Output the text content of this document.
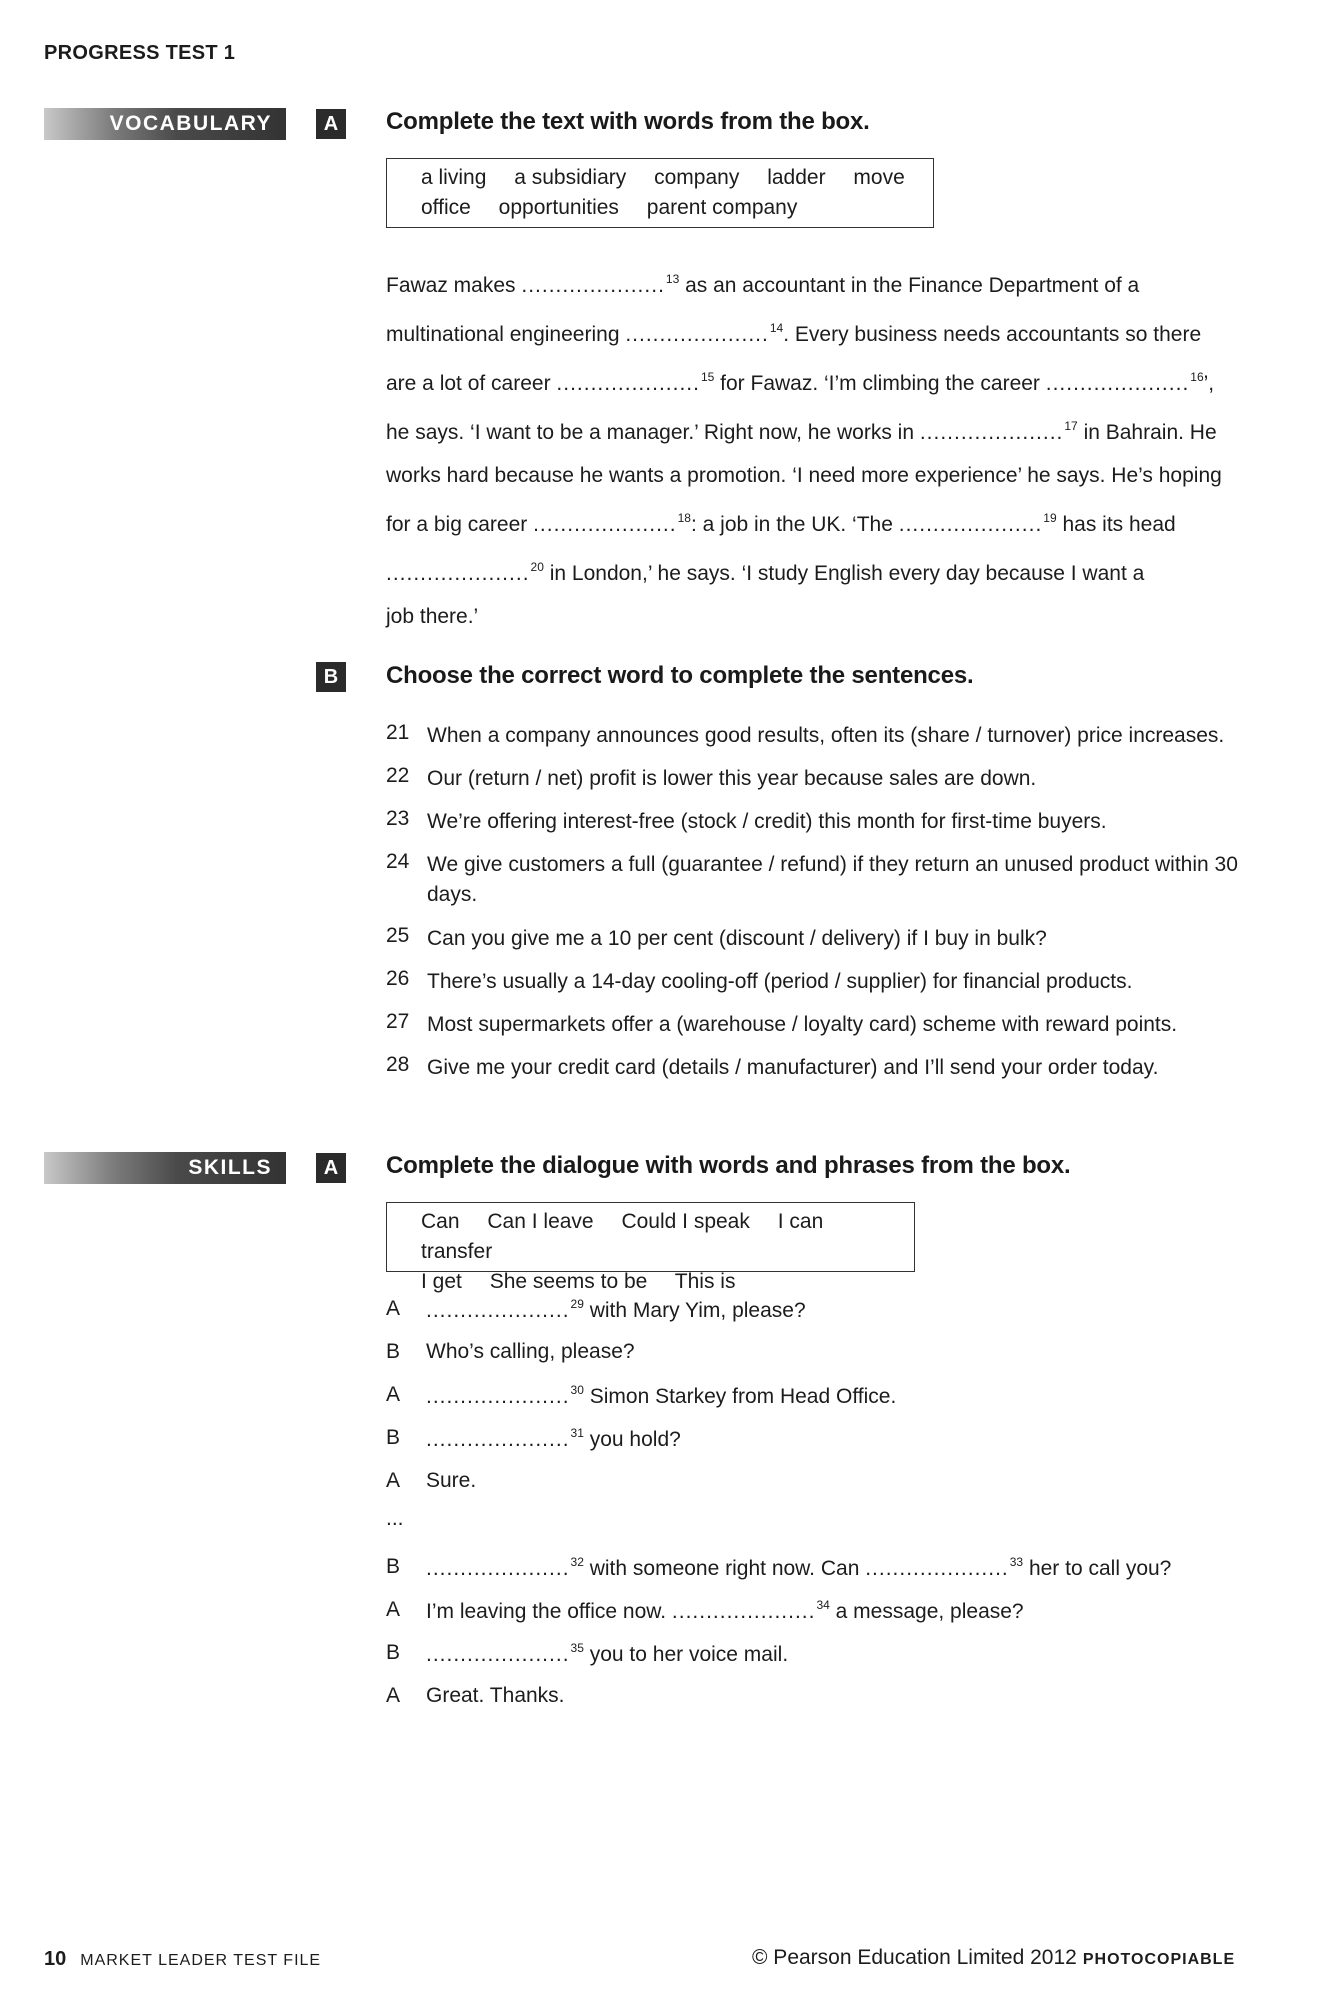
PROGRESS TEST 1
VOCABULARY	A	Complete the text with words from the box.
a living a subsidiary company ladder move
office opportunities parent company
Fawaz makes .....................$^{13}$ as an accountant in the Finance Department of a
multinational engineering .....................$^{14}$. Every business needs accountants so there
are a lot of career .....................$^{15}$ for Fawaz. ‘I’m climbing the career .....................$^{16}$’,
he says. ‘I want to be a manager.’ Right now, he works in .....................$^{17}$ in Bahrain. He
works hard because he wants a promotion. ‘I need more experience’ he says. He’s hoping
for a big career .....................$^{18}$: a job in the UK. ‘The .....................$^{19}$ has its head
.....................$^{20}$ in London,’ he says. ‘I study English every day because I want a
job there.’
B	Choose the correct word to complete the sentences.
21 When a company announces good results, often its (share / turnover) price increases.
22 Our (return / net) profit is lower this year because sales are down.
23 We’re offering interest-free (stock / credit) this month for first-time buyers.
24 We give customers a full (guarantee / refund) if they return an unused product within 30 days.
25 Can you give me a 10 per cent (discount / delivery) if I buy in bulk?
26 There’s usually a 14-day cooling-off (period / supplier) for financial products.
27 Most supermarkets offer a (warehouse / loyalty card) scheme with reward points.
28 Give me your credit card (details / manufacturer) and I’ll send your order today.
SKILLS	A	Complete the dialogue with words and phrases from the box.
Can Can I leave Could I speak I can transfer
I get She seems to be This is
A .....................$^{29}$ with Mary Yim, please?
B Who’s calling, please?
A .....................$^{30}$ Simon Starkey from Head Office.
B .....................$^{31}$ you hold?
A Sure.
...
B .....................$^{32}$ with someone right now. Can .....................$^{33}$ her to call you?
A I’m leaving the office now. .....................$^{34}$ a message, please?
B .....................$^{35}$ you to her voice mail.
A Great. Thanks.
10 MARKET LEADER TEST FILE	© Pearson Education Limited 2012 PHOTOCOPIABLE
